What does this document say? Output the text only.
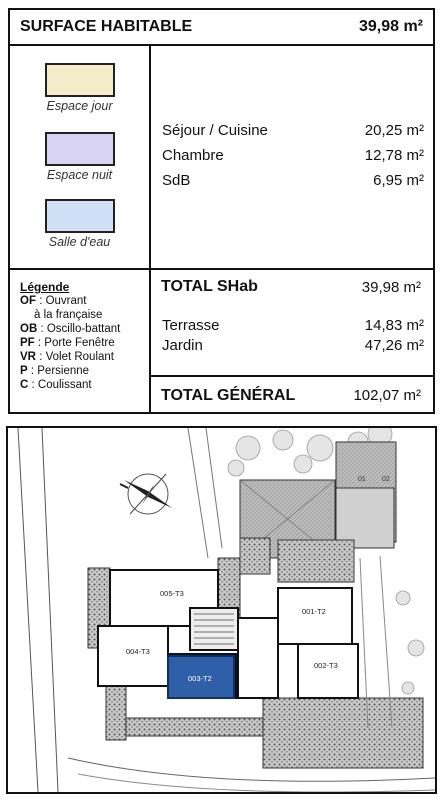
SURFACE HABITABLE	39,98 m²
Espace jour
Espace nuit
Salle d'eau
Séjour / Cuisine	20,25 m²
Chambre	12,78 m²
SdB	6,95 m²
TOTAL SHab	39,98 m²
Terrasse	14,83 m²
Jardin	47,26 m²
TOTAL GÉNÉRAL	102,07 m²
Légende
OF : Ouvrant
à la française
OB : Oscillo-battant
PF : Porte Fenêtre
VR : Volet Roulant
P : Persienne
C : Coulissant
01 02
005-T3
004-T3
003-T2
001-T2
002-T3
